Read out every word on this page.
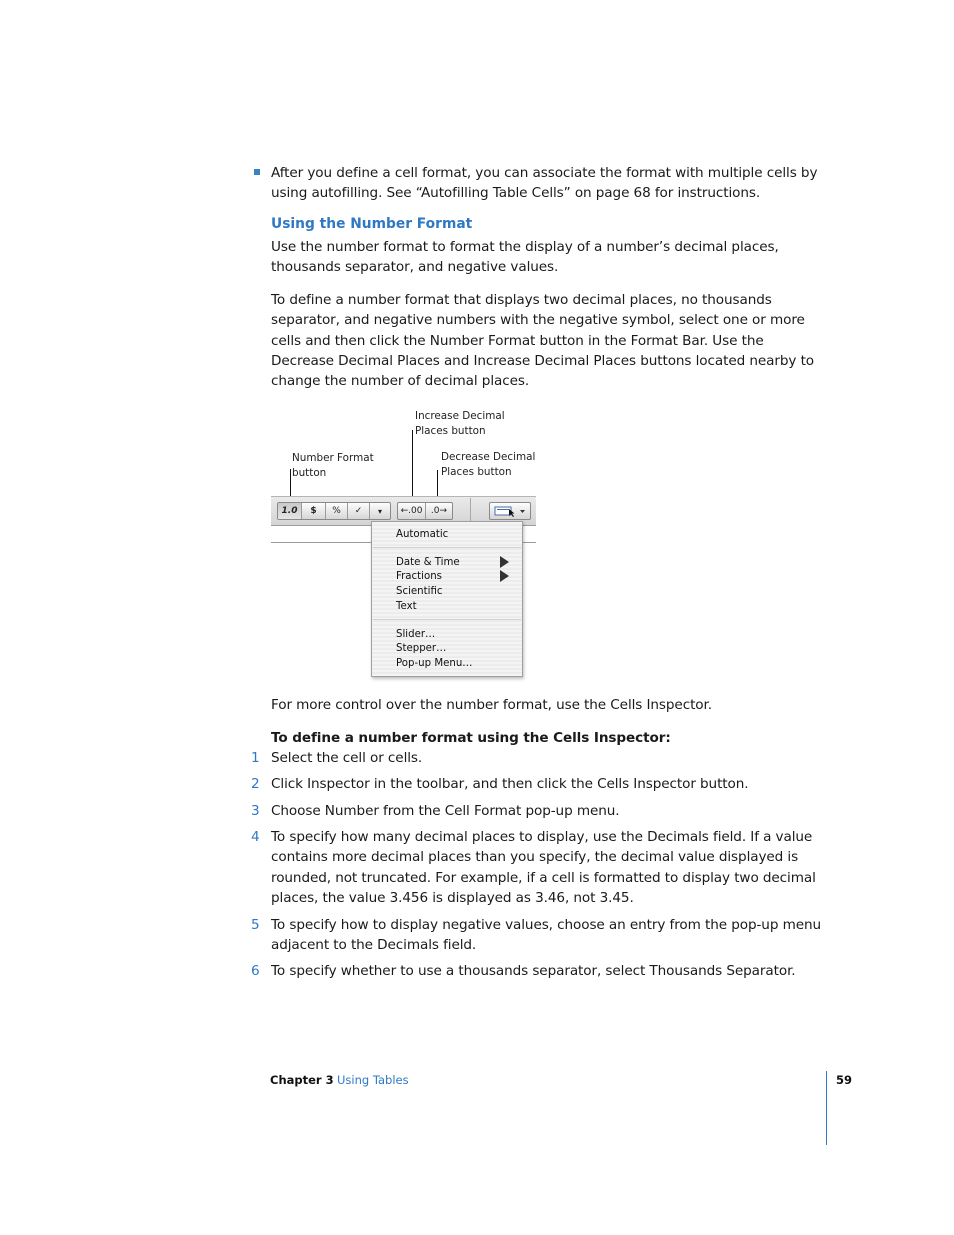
After you define a cell format, you can associate the format with multiple cells by using autofilling. See “Autofilling Table Cells” on page 68 for instructions.
Using the Number Format
Use the number format to format the display of a number’s decimal places, thousands separator, and negative values.
To define a number format that displays two decimal places, no thousands separator, and negative numbers with the negative symbol, select one or more cells and then click the Number Format button in the Format Bar. Use the Decrease Decimal Places and Increase Decimal Places buttons located nearby to change the number of decimal places.
Increase Decimal
Places button
Number Format
button
Decrease Decimal
Places button
1.0	$	%	✓	▾	←.00 .0→
Automatic
Date & Time
Fractions
Scientific
Text
Slider…
Stepper…
Pop-up Menu…
For more control over the number format, use the Cells Inspector.
To define a number format using the Cells Inspector:
1 Select the cell or cells.
2 Click Inspector in the toolbar, and then click the Cells Inspector button.
3 Choose Number from the Cell Format pop-up menu.
4 To specify how many decimal places to display, use the Decimals field. If a value contains more decimal places than you specify, the decimal value displayed is rounded, not truncated. For example, if a cell is formatted to display two decimal places, the value 3.456 is displayed as 3.46, not 3.45.
5 To specify how to display negative values, choose an entry from the pop-up menu adjacent to the Decimals field.
6 To specify whether to use a thousands separator, select Thousands Separator.
Chapter 3 Using Tables	59
